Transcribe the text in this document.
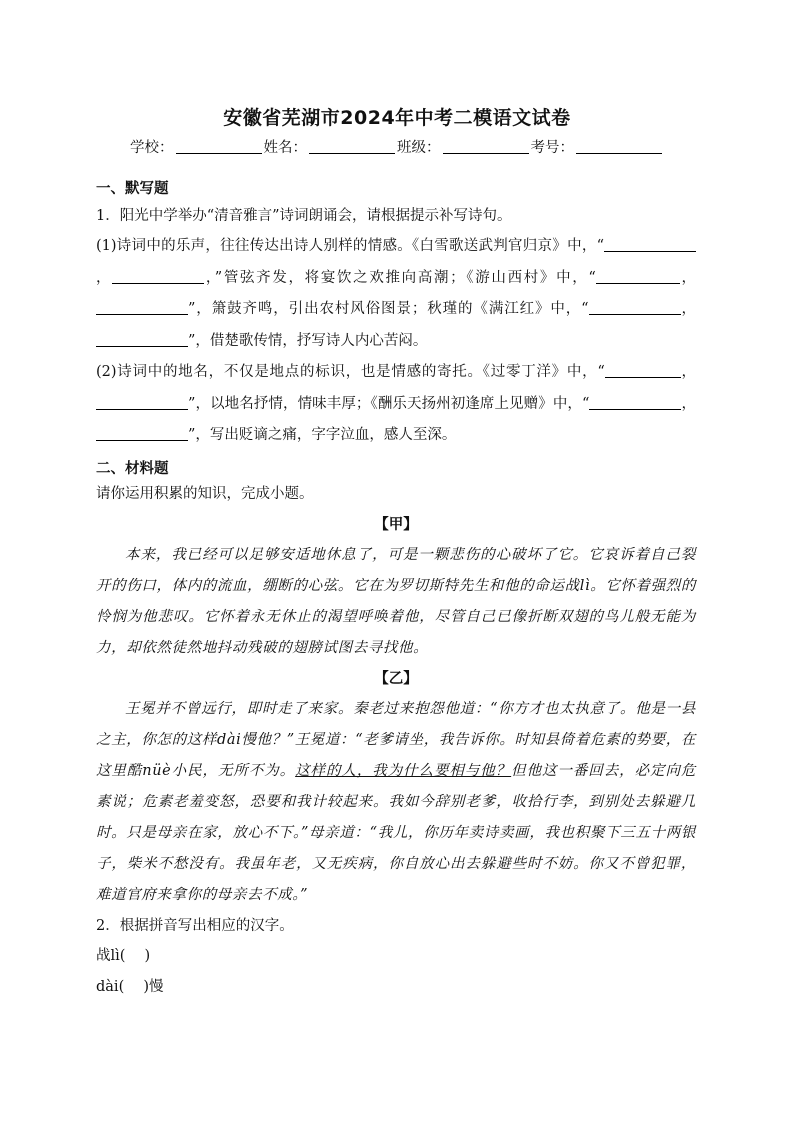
安徽省芜湖市2024年中考二模语文试卷
学校：	姓名：	班级：	考号：
一、默写题

1．阳光中学举办“清音雅言”诗词朗诵会，请根据提示补写诗句。

(1)诗词中的乐声，往往传达出诗人别样的情感。《白雪歌送武判官归京》中，“，	，”管弦齐发，将宴饮之欢推向高潮；《游山西村》中，“	，”，箫鼓齐鸣，引出农村风俗图景；秋瑾的《满江红》中，“	，”，借楚歌传情，抒写诗人内心苦闷。

(2)诗词中的地名，不仅是地点的标识，也是情感的寄托。《过零丁洋》中，“	，”，以地名抒情，情味丰厚；《酬乐天扬州初逢席上见赠》中，“	，”，写出贬谪之痛，字字泣血，感人至深。

二、材料题

请你运用积累的知识，完成小题。

【甲】

本来，我已经可以足够安适地休息了，可是一颗悲伤的心破坏了它。它哀诉着自己裂开的伤口，体内的流血，绷断的心弦。它在为罗切斯特先生和他的命运战lì。它怀着强烈的怜悯为他悲叹。它怀着永无休止的渴望呼唤着他，尽管自己已像折断双翅的鸟儿般无能为力，却依然徒然地抖动残破的翅膀试图去寻找他。

【乙】

王冕并不曾远行，即时走了来家。秦老过来抱怨他道：“你方才也太执意了。他是一县之主，你怎的这样dài慢他？”王冕道：“老爹请坐，我告诉你。时知县倚着危素的势要，在这里酷nüè小民，无所不为。这样的人，我为什么要相与他？但他这一番回去，必定向危素说；危素老羞变怒，恐要和我计较起来。我如今辞别老爹，收拾行李，到别处去躲避几时。只是母亲在家，放心不下。”母亲道：“我儿，你历年卖诗卖画，我也积聚下三五十两银子，柴米不愁没有。我虽年老，又无疾病，你自放心出去躲避些时不妨。你又不曾犯罪，难道官府来拿你的母亲去不成。”

2．根据拼音写出相应的汉字。

战lì(　 )

dài(　 )慢
